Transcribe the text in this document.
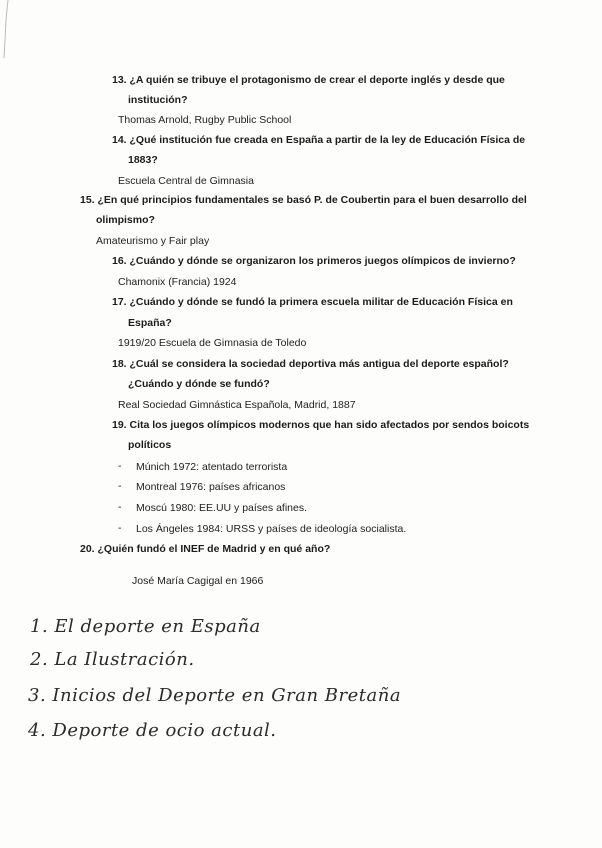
13. ¿A quién se tribuye el protagonismo de crear el deporte inglés y desde que
institución?
Thomas Arnold, Rugby Public School
14. ¿Qué institución fue creada en España a partir de la ley de Educación Física de
1883?
Escuela Central de Gimnasia
15. ¿En qué principios fundamentales se basó P. de Coubertin para el buen desarrollo del
olimpismo?
Amateurismo y Fair play
16. ¿Cuándo y dónde se organizaron los primeros juegos olímpicos de invierno?
Chamonix (Francia) 1924
17. ¿Cuándo y dónde se fundó la primera escuela militar de Educación Física en
España?
1919/20 Escuela de Gimnasia de Toledo
18. ¿Cuál se considera la sociedad deportiva más antigua del deporte español?
¿Cuándo y dónde se fundó?
Real Sociedad Gimnástica Española, Madrid, 1887
19. Cita los juegos olímpicos modernos que han sido afectados por sendos boicots
políticos
- Múnich 1972: atentado terrorista
- Montreal 1976: países africanos
- Moscú 1980: EE.UU y países afines.
- Los Ángeles 1984: URSS y países de ideología socialista.
20. ¿Quién fundó el INEF de Madrid y en qué año?
José María Cagigal en 1966
1. El deporte en España
2. La Ilustración.
3. Inicios del Deporte en Gran Bretaña
4. Deporte de ocio actual.
